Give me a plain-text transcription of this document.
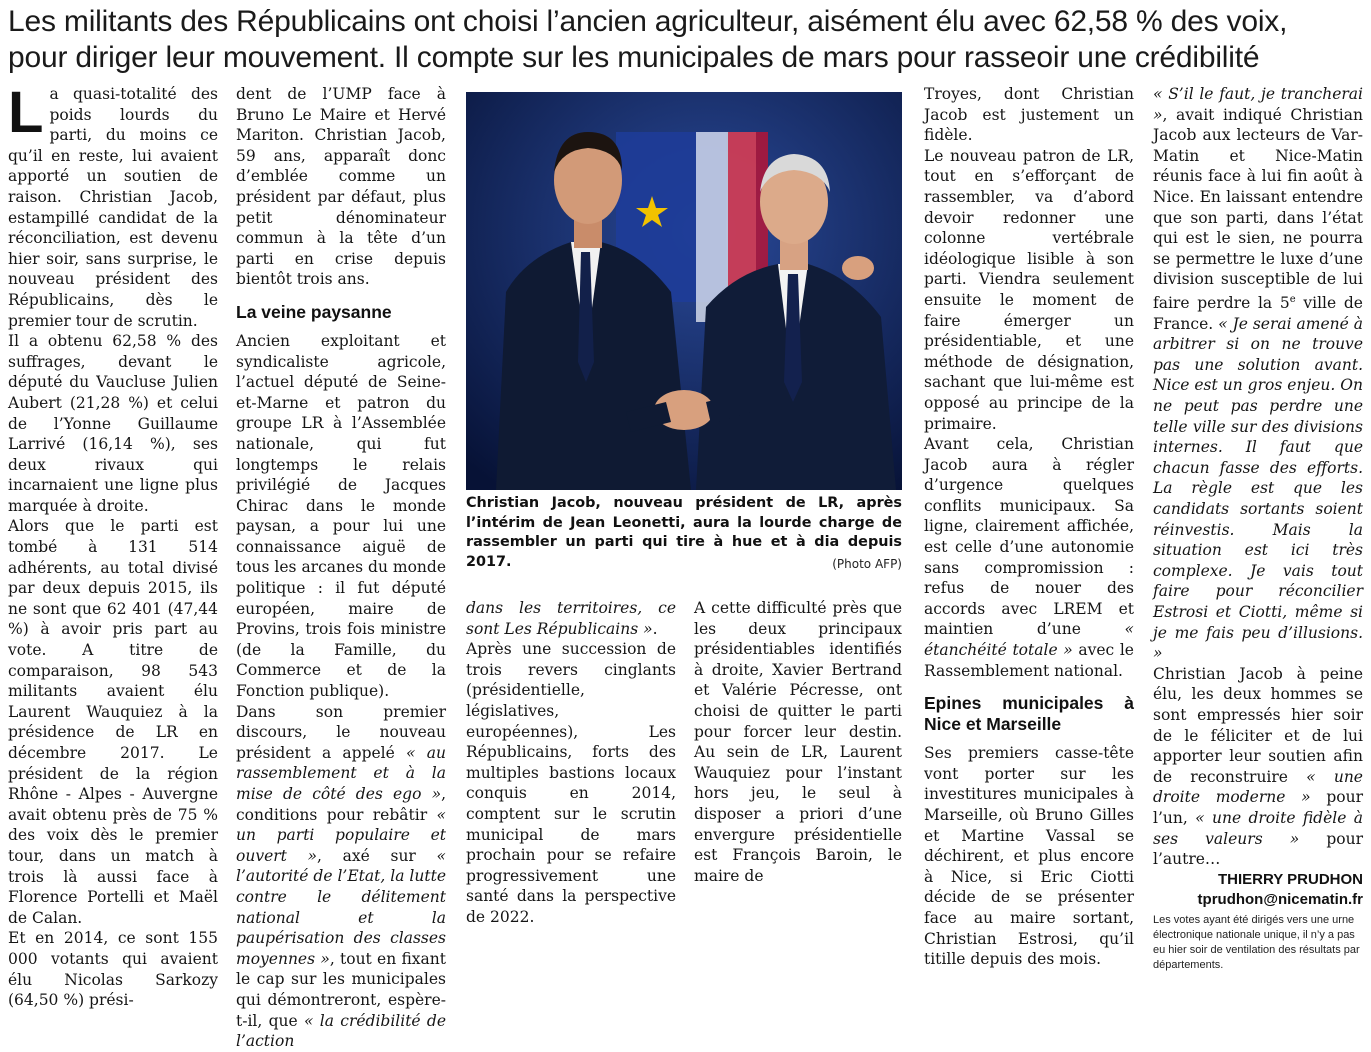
Les militants des Républicains ont choisi l’ancien agriculteur, aisément élu avec 62,58 % des voix,
pour diriger leur mouvement. Il compte sur les municipales de mars pour rasseoir une crédibilité

La quasi-totalité des poids lourds du parti, du moins ce qu’il en reste, lui avaient apporté un soutien de raison. Christian Jacob, estampillé candidat de la réconciliation, est devenu hier soir, sans surprise, le nouveau président des Républicains, dès le premier tour de scrutin.

Il a obtenu 62,58 % des suffrages, devant le député du Vaucluse Julien Aubert (21,28 %) et celui de l’Yonne Guillaume Larrivé (16,14 %), ses deux rivaux qui incarnaient une ligne plus marquée à droite.

Alors que le parti est tombé à 131 514 adhérents, au total divisé par deux depuis 2015, ils ne sont que 62 401 (47,44 %) à avoir pris part au vote. A titre de comparaison, 98 543 militants avaient élu Laurent Wauquiez à la présidence de LR en décembre 2017. Le président de la région Rhône - Alpes - Auvergne avait obtenu près de 75 % des voix dès le premier tour, dans un match à trois là aussi face à Florence Portelli et Maël de Calan.

Et en 2014, ce sont 155 000 votants qui avaient élu Nicolas Sarkozy (64,50 %) prési-

dent de l’UMP face à Bruno Le Maire et Hervé Mariton. Christian Jacob, 59 ans, apparaît donc d’emblée comme un président par défaut, plus petit dénominateur commun à la tête d’un parti en crise depuis bientôt trois ans.

La veine paysanne

Ancien exploitant et syndicaliste agricole, l’actuel député de Seine-et-Marne et patron du groupe LR à l’Assemblée nationale, qui fut longtemps le relais privilégié de Jacques Chirac dans le monde paysan, a pour lui une connaissance aiguë de tous les arcanes du monde politique : il fut député européen, maire de Provins, trois fois ministre (de la Famille, du Commerce et de la Fonction publique).

Dans son premier discours, le nouveau président a appelé « au rassemblement et à la mise de côté des ego », conditions pour rebâtir « un parti populaire et ouvert », axé sur « l’autorité de l’Etat, la lutte contre le délitement national et la paupérisation des classes moyennes », tout en fixant le cap sur les municipales qui démontreront, espère-t-il, que « la crédibilité de l’action

Christian Jacob, nouveau président de LR, après l’intérim de Jean Leonetti, aura la lourde charge de rassembler un parti qui tire à hue et à dia depuis 2017.	(Photo AFP)

dans les territoires, ce sont Les Républicains ».

Après une succession de trois revers cinglants (présidentielle, législatives, européennes), Les Républicains, forts des multiples bastions locaux conquis en 2014, comptent sur le scrutin municipal de mars prochain pour se refaire progressivement une santé dans la perspective de 2022.

A cette difficulté près que les deux principaux présidentiables identifiés à droite, Xavier Bertrand et Valérie Pécresse, ont choisi de quitter le parti pour forcer leur destin. Au sein de LR, Laurent Wauquiez pour l’instant hors jeu, le seul à disposer a priori d’une envergure présidentielle est François Baroin, le maire de

Troyes, dont Christian Jacob est justement un fidèle.

Le nouveau patron de LR, tout en s’efforçant de rassembler, va d’abord devoir redonner une colonne vertébrale idéologique lisible à son parti. Viendra seulement ensuite le moment de faire émerger un présidentiable, et une méthode de désignation, sachant que lui-même est opposé au principe de la primaire.

Avant cela, Christian Jacob aura à régler d’urgence quelques conflits municipaux. Sa ligne, clairement affichée, est celle d’une autonomie sans compromission : refus de nouer des accords avec LREM et maintien d’une « étanchéité totale » avec le Rassemblement national.

Epines municipales à Nice et Marseille

Ses premiers casse-tête vont porter sur les investitures municipales à Marseille, où Bruno Gilles et Martine Vassal se déchirent, et plus encore à Nice, si Eric Ciotti décide de se présenter face au maire sortant, Christian Estrosi, qu’il titille depuis des mois.

« S’il le faut, je trancherai », avait indiqué Christian Jacob aux lecteurs de Var-Matin et Nice-Matin réunis face à lui fin août à Nice. En laissant entendre que son parti, dans l’état qui est le sien, ne pourra se permettre le luxe d’une division susceptible de lui faire perdre la 5e ville de France. « Je serai amené à arbitrer si on ne trouve pas une solution avant. Nice est un gros enjeu. On ne peut pas perdre une telle ville sur des divisions internes. Il faut que chacun fasse des efforts. La règle est que les candidats sortants soient réinvestis. Mais la situation est ici très complexe. Je vais tout faire pour réconcilier Estrosi et Ciotti, même si je me fais peu d’illusions. »

Christian Jacob à peine élu, les deux hommes se sont empressés hier soir de le féliciter et de lui apporter leur soutien afin de reconstruire « une droite moderne » pour l’un, « une droite fidèle à ses valeurs » pour l’autre…

THIERRY PRUDHON
tprudhon@nicematin.fr
Les votes ayant été dirigés vers une urne électronique nationale unique, il n’y a pas eu hier soir de ventilation des résultats par départements.
